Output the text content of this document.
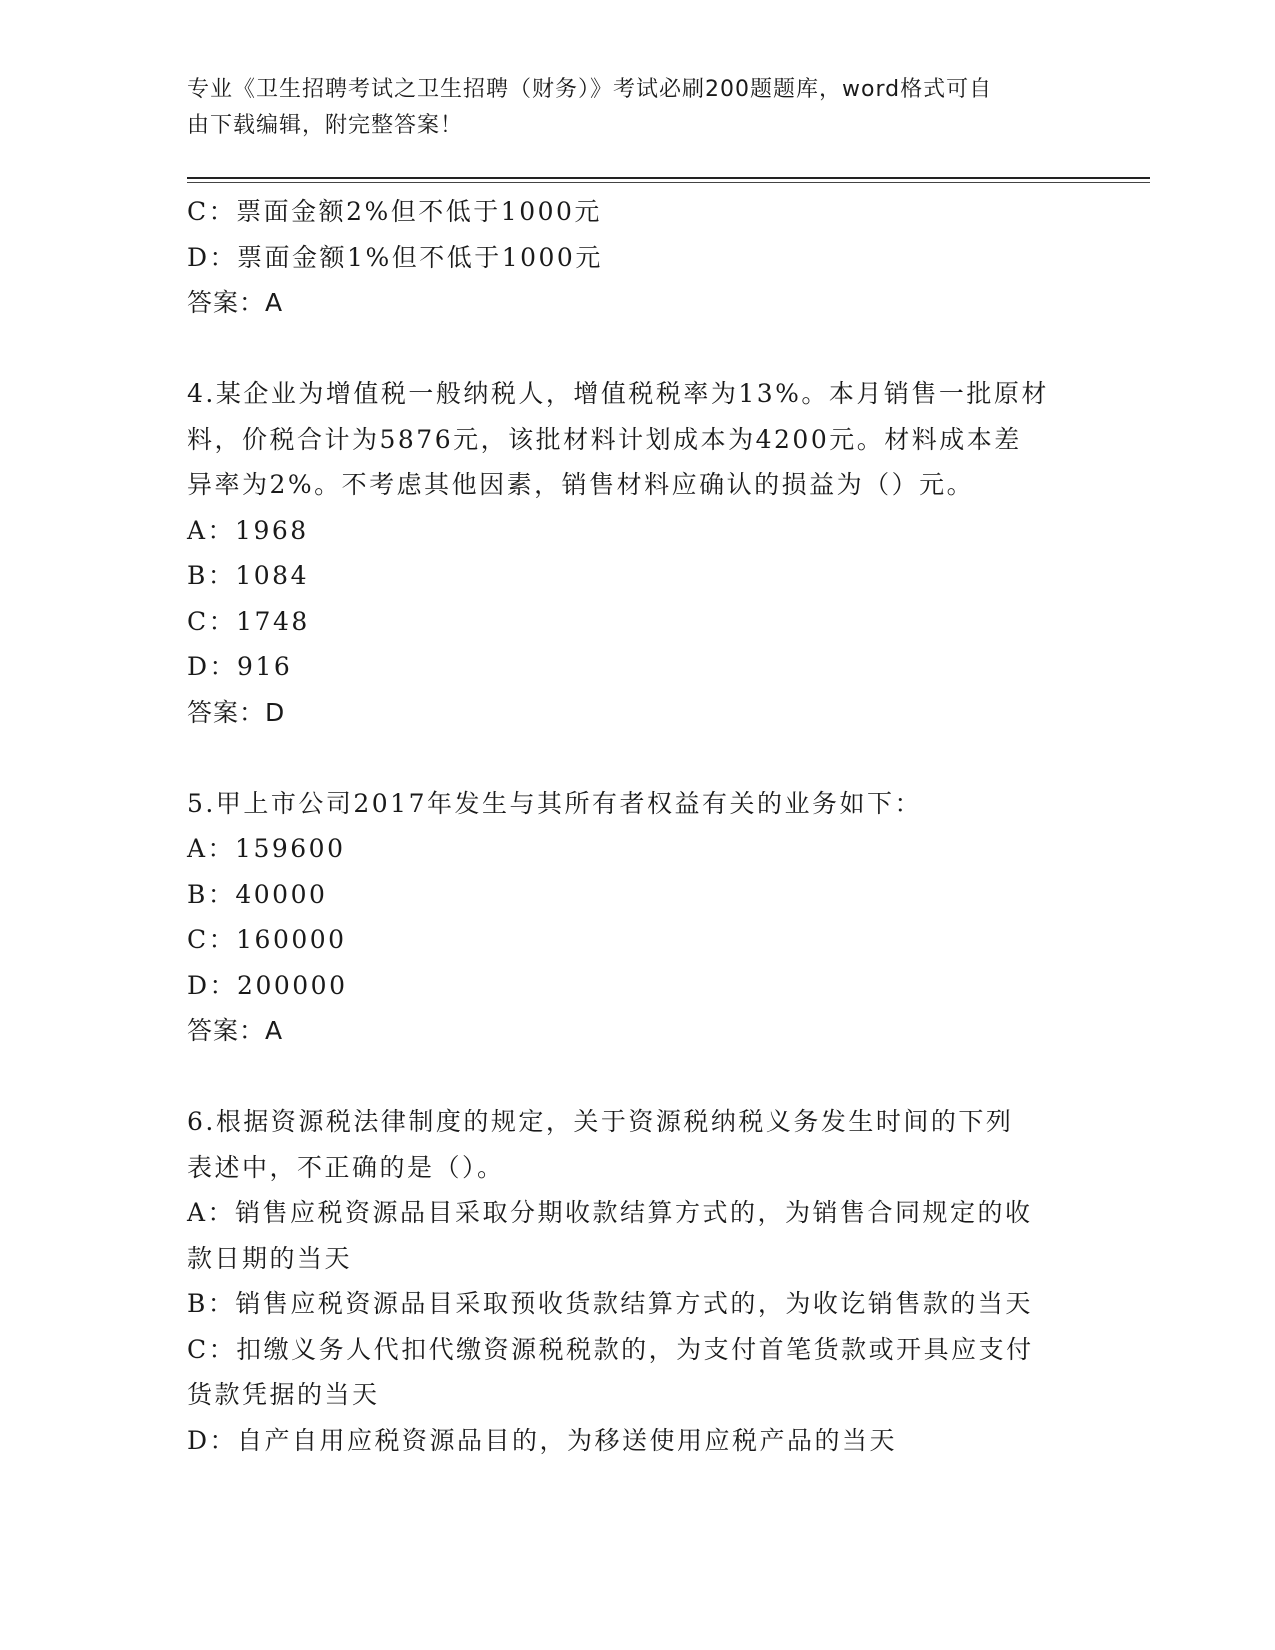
专业《卫生招聘考试之卫生招聘（财务）》考试必刷200题题库，word格式可自
由下载编辑，附完整答案！
C：票面金额2%但不低于1000元
D：票面金额1%但不低于1000元
答案：A
4.某企业为增值税一般纳税人，增值税税率为13%。本月销售一批原材
料，价税合计为5876元，该批材料计划成本为4200元。材料成本差
异率为2%。不考虑其他因素，销售材料应确认的损益为（）元。
A：1968
B：1084
C：1748
D：916
答案：D
5.甲上市公司2017年发生与其所有者权益有关的业务如下：
A：159600
B：40000
C：160000
D：200000
答案：A
6.根据资源税法律制度的规定，关于资源税纳税义务发生时间的下列
表述中，不正确的是（）。
A：销售应税资源品目采取分期收款结算方式的，为销售合同规定的收
款日期的当天
B：销售应税资源品目采取预收货款结算方式的，为收讫销售款的当天
C：扣缴义务人代扣代缴资源税税款的，为支付首笔货款或开具应支付
货款凭据的当天
D：自产自用应税资源品目的，为移送使用应税产品的当天
